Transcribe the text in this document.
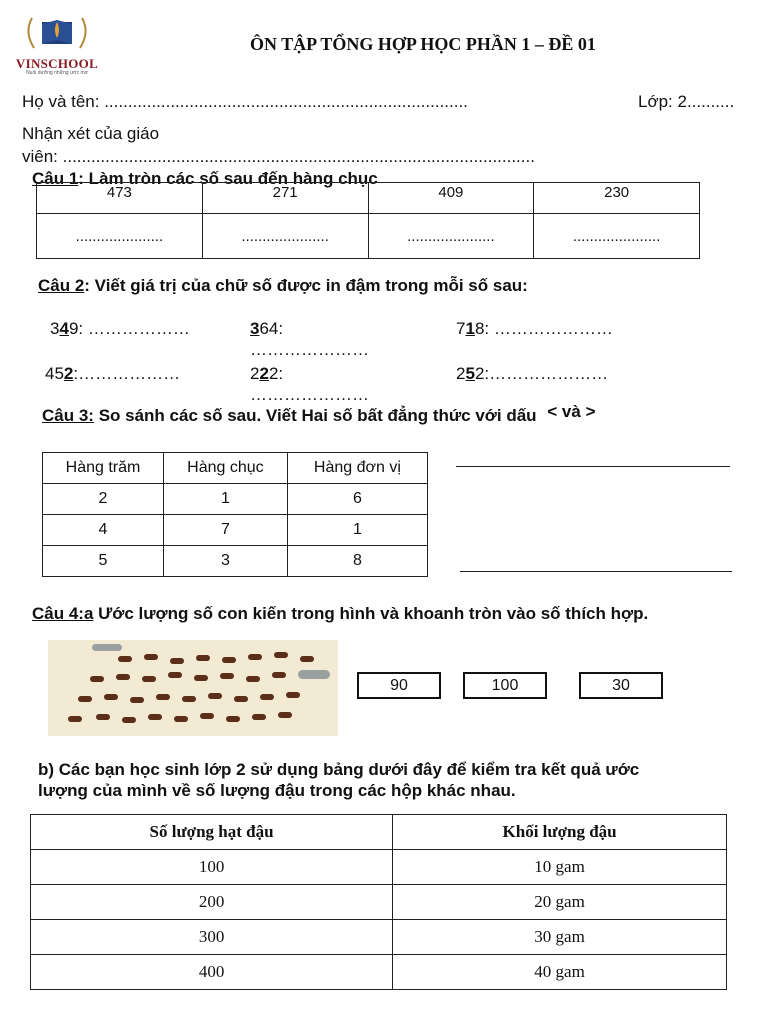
VINSCHOOL
Nuôi dưỡng những ước mơ
ÔN TẬP TỔNG HỢP HỌC PHẦN 1 – ĐỀ 01
Họ và tên: .............................................................................	Lớp: 2..........
Nhận xét của giáo
viên: ....................................................................................................
Câu 1: Làm tròn các số sau đến hàng chục
473	271	409	230
.....................	.....................	.....................	.....................
Câu 2: Viết giá trị của chữ số được in đậm trong mỗi số sau:
349: ………………	364:
…………………
718: …………………
452:………………	222:
…………………
252:…………………
Câu 3: So sánh các số sau. Viết Hai số bất đẳng thức với dấu < và >
Hàng trăm	Hàng chục	Hàng đơn vị
2	1	6
4	7	1
5	3	8
Câu 4:a Ước lượng số con kiến trong hình và khoanh tròn vào số thích hợp.
90	100	30
b) Các bạn học sinh lớp 2 sử dụng bảng dưới đây để kiểm tra kết quả ước
lượng của mình về số lượng đậu trong các hộp khác nhau.
Số lượng hạt đậu	Khối lượng đậu
100	10 gam
200	20 gam
300	30 gam
400	40 gam
